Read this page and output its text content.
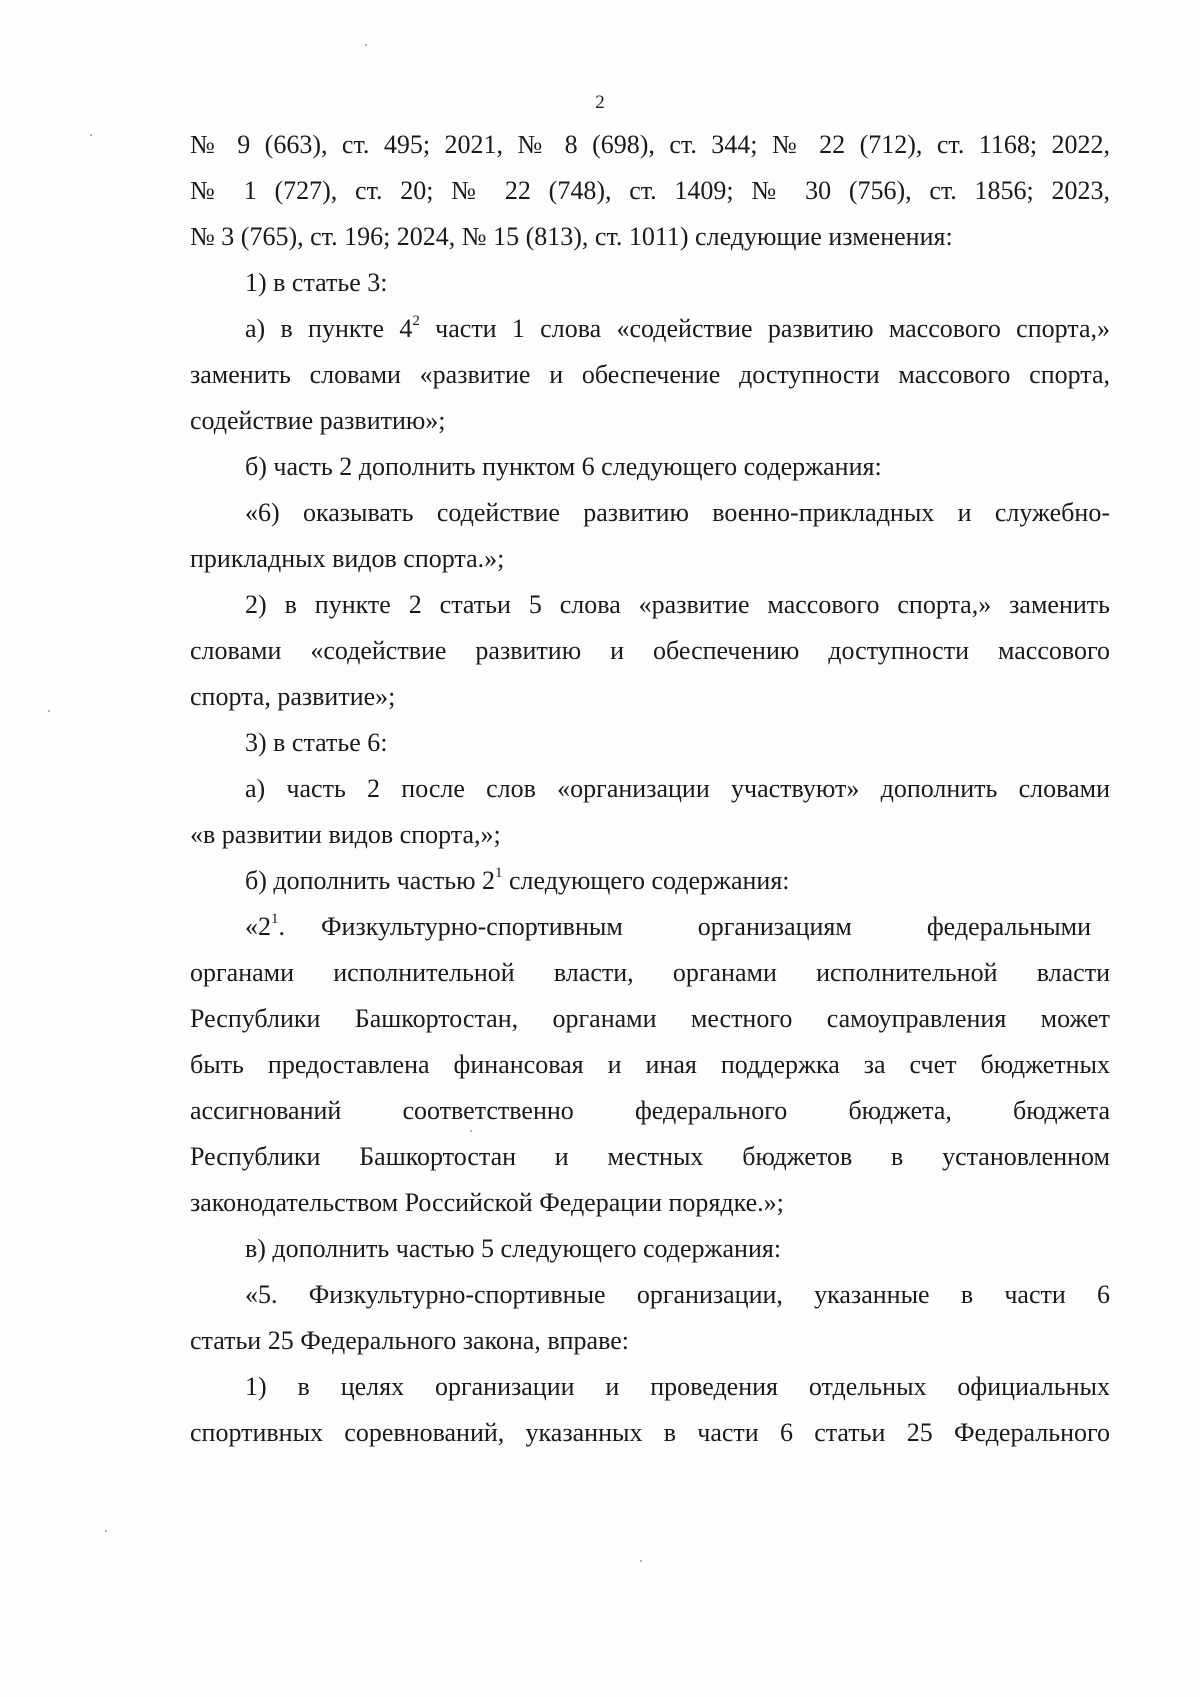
2
№ 9 (663), ст. 495; 2021, № 8 (698), ст. 344; № 22 (712), ст. 1168; 2022,
№ 1 (727), ст. 20; № 22 (748), ст. 1409; № 30 (756), ст. 1856; 2023,
№ 3 (765), ст. 196; 2024, № 15 (813), ст. 1011) следующие изменения:
1) в статье 3:
а) в пункте $4^2$ части 1 слова «содействие развитию массового спорта,»
заменить словами «развитие и обеспечение доступности массового спорта,
содействие развитию»;
б) часть 2 дополнить пунктом 6 следующего содержания:
«6) оказывать содействие развитию военно-прикладных и служебно-
прикладных видов спорта.»;
2) в пункте 2 статьи 5 слова «развитие массового спорта,» заменить
словами «содействие развитию и обеспечению доступности массового
спорта, развитие»;
3) в статье 6:
а) часть 2 после слов «организации участвуют» дополнить словами
«в развитии видов спорта,»;
б) дополнить частью $2^1$ следующего содержания:
«$2^1$. Физкультурно-спортивным организациям федеральными
органами исполнительной власти, органами исполнительной власти
Республики Башкортостан, органами местного самоуправления может
быть предоставлена финансовая и иная поддержка за счет бюджетных
ассигнований соответственно федерального бюджета, бюджета
Республики Башкортостан и местных бюджетов в установленном
законодательством Российской Федерации порядке.»;
в) дополнить частью 5 следующего содержания:
«5. Физкультурно-спортивные организации, указанные в части 6
статьи 25 Федерального закона, вправе:
1) в целях организации и проведения отдельных официальных
спортивных соревнований, указанных в части 6 статьи 25 Федерального
